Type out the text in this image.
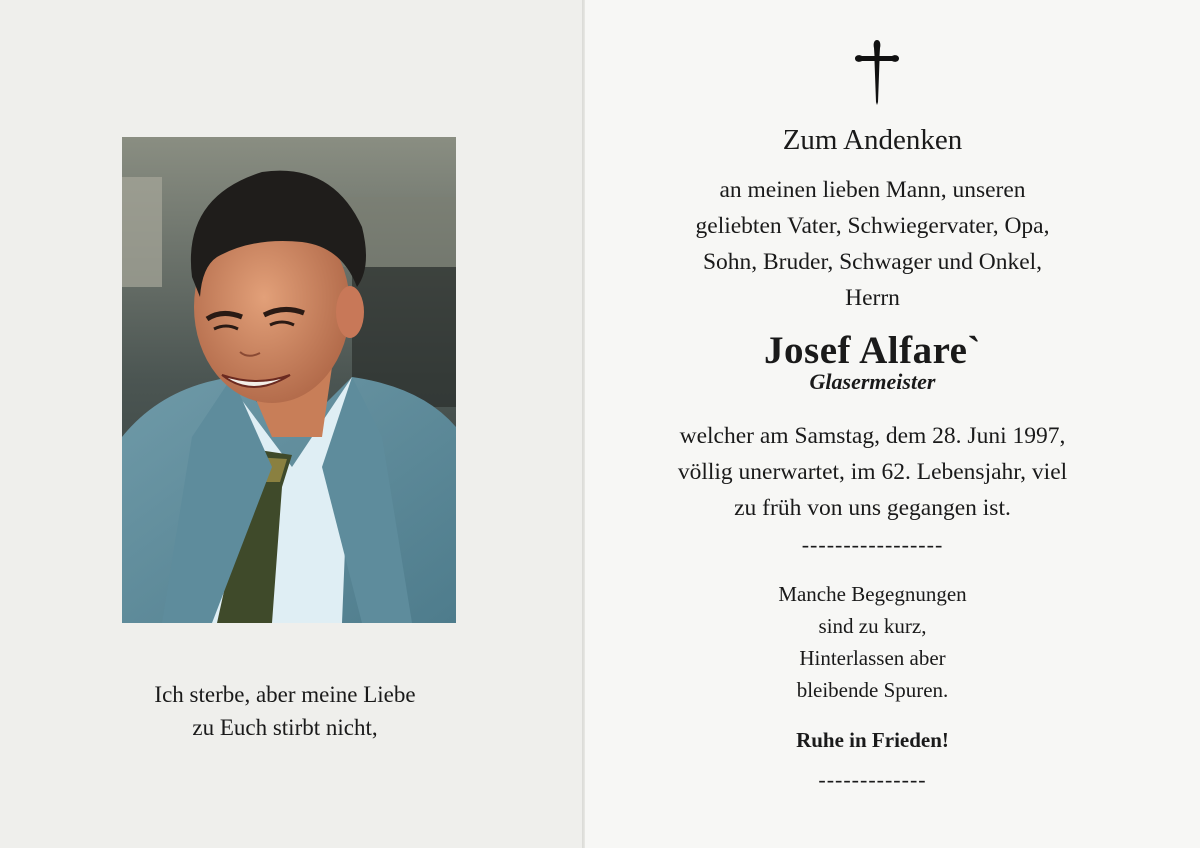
Ich sterbe, aber meine Liebe
zu Euch stirbt nicht,
Zum Andenken
an meinen lieben Mann, unseren
geliebten Vater, Schwiegervater, Opa,
Sohn, Bruder, Schwager und Onkel,
Herrn
Josef Alfare`
Glasermeister
welcher am Samstag, dem 28. Juni 1997,
völlig unerwartet, im 62. Lebensjahr, viel
zu früh von uns gegangen ist.
-----------------
Manche Begegnungen
sind zu kurz,
Hinterlassen aber
bleibende Spuren.
Ruhe in Frieden!
-------------
